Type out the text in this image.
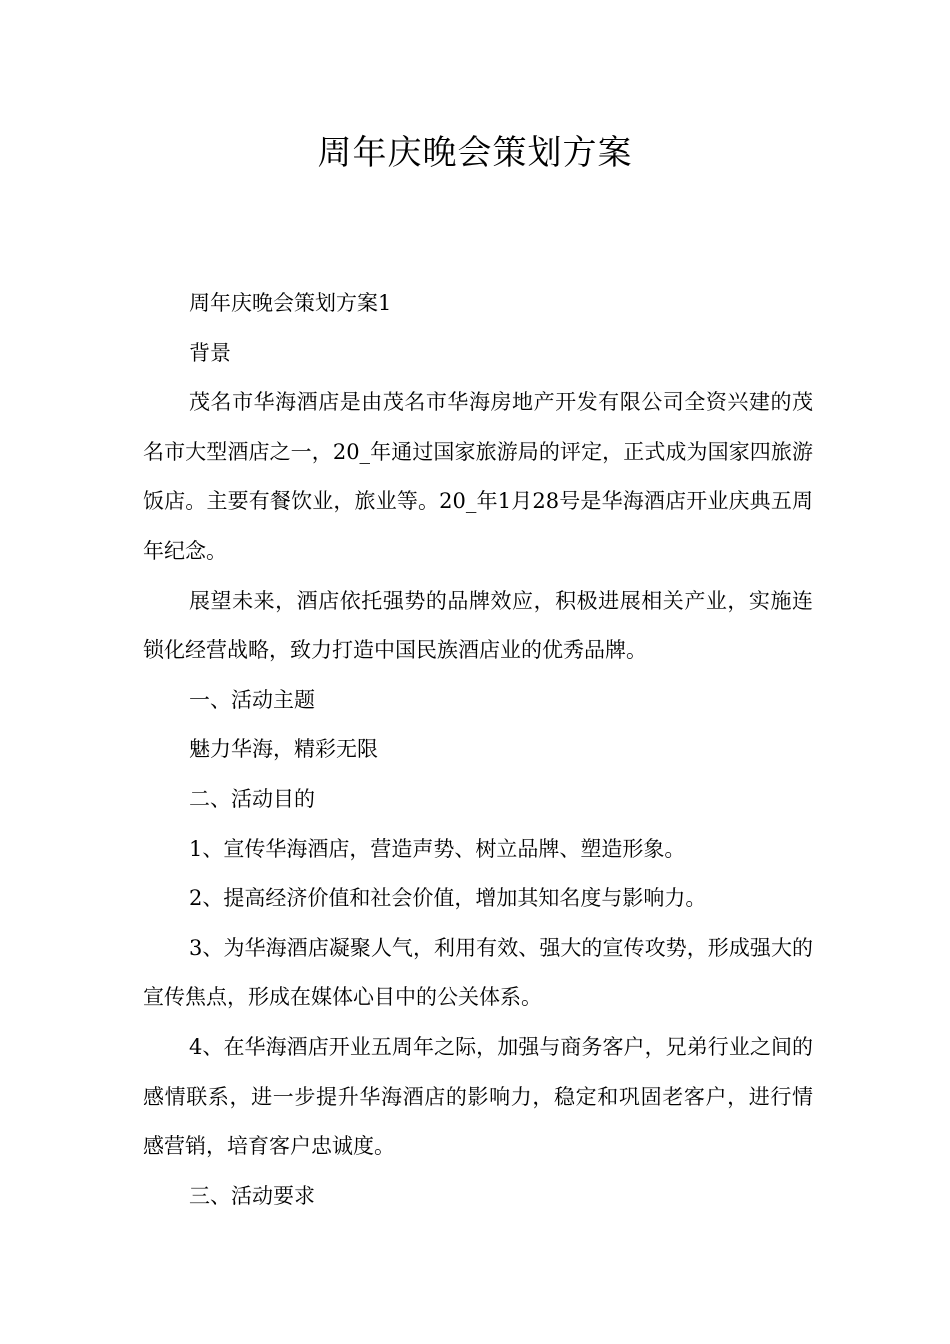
周年庆晚会策划方案

周年庆晚会策划方案1

背景

茂名市华海酒店是由茂名市华海房地产开发有限公司全资兴建的茂名市大型酒店之一，20_年通过国家旅游局的评定，正式成为国家四旅游饭店。主要有餐饮业，旅业等。20_年1月28号是华海酒店开业庆典五周年纪念。

展望未来，酒店依托强势的品牌效应，积极进展相关产业，实施连锁化经营战略，致力打造中国民族酒店业的优秀品牌。

一、活动主题

魅力华海，精彩无限

二、活动目的

1、宣传华海酒店，营造声势、树立品牌、塑造形象。

2、提高经济价值和社会价值，增加其知名度与影响力。

3、为华海酒店凝聚人气，利用有效、强大的宣传攻势，形成强大的宣传焦点，形成在媒体心目中的公关体系。

4、在华海酒店开业五周年之际，加强与商务客户，兄弟行业之间的感情联系，进一步提升华海酒店的影响力，稳定和巩固老客户，进行情感营销，培育客户忠诚度。

三、活动要求
